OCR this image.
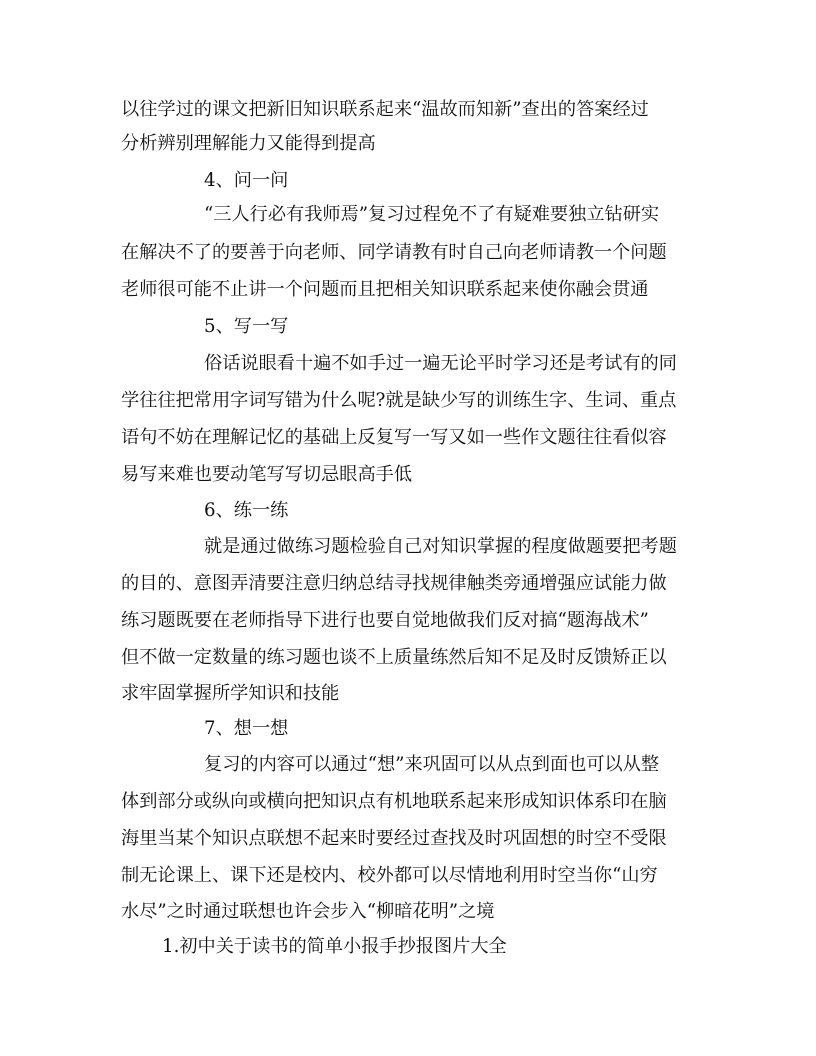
以往学过的课文把新旧知识联系起来“温故而知新”查出的答案经过
分析辨别理解能力又能得到提高
4、问一问
“三人行必有我师焉”复习过程免不了有疑难要独立钻研实
在解决不了的要善于向老师、同学请教有时自己向老师请教一个问题
老师很可能不止讲一个问题而且把相关知识联系起来使你融会贯通
5、写一写
俗话说眼看十遍不如手过一遍无论平时学习还是考试有的同
学往往把常用字词写错为什么呢?就是缺少写的训练生字、生词、重点
语句不妨在理解记忆的基础上反复写一写又如一些作文题往往看似容
易写来难也要动笔写写切忌眼高手低
6、练一练
就是通过做练习题检验自己对知识掌握的程度做题要把考题
的目的、意图弄清要注意归纳总结寻找规律触类旁通增强应试能力做
练习题既要在老师指导下进行也要自觉地做我们反对搞“题海战术”
但不做一定数量的练习题也谈不上质量练然后知不足及时反馈矫正以
求牢固掌握所学知识和技能
7、想一想
复习的内容可以通过“想”来巩固可以从点到面也可以从整
体到部分或纵向或横向把知识点有机地联系起来形成知识体系印在脑
海里当某个知识点联想不起来时要经过查找及时巩固想的时空不受限
制无论课上、课下还是校内、校外都可以尽情地利用时空当你“山穷
水尽”之时通过联想也许会步入“柳暗花明”之境
1.初中关于读书的简单小报手抄报图片大全
